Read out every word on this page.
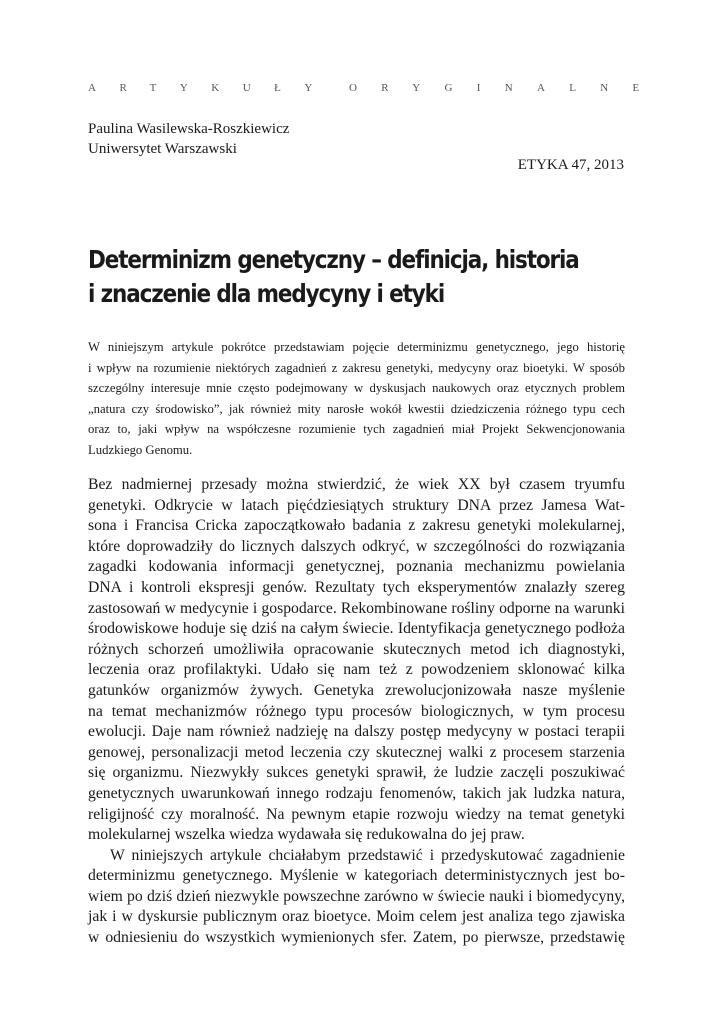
ARTYKUŁY ORYGINALNE
Paulina Wasilewska-Roszkiewicz
Uniwersytet Warszawski
ETYKA 47, 2013
Determinizm genetyczny – definicja, historia
i znaczenie dla medycyny i etyki
W niniejszym artykule pokrótce przedstawiam pojęcie determinizmu genetycznego, jego historię
i wpływ na rozumienie niektórych zagadnień z zakresu genetyki, medycyny oraz bioetyki. W sposób
szczególny interesuje mnie często podejmowany w dyskusjach naukowych oraz etycznych problem
„natura czy środowisko”, jak również mity narosłe wokół kwestii dziedziczenia różnego typu cech
oraz to, jaki wpływ na współczesne rozumienie tych zagadnień miał Projekt Sekwencjonowania
Ludzkiego Genomu.
Bez nadmiernej przesady można stwierdzić, że wiek XX był czasem tryumfu
genetyki. Odkrycie w latach pięćdziesiątych struktury DNA przez Jamesa Wat-
sona i Francisa Cricka zapoczątkowało badania z zakresu genetyki molekularnej,
które doprowadziły do licznych dalszych odkryć, w szczególności do rozwiązania
zagadki kodowania informacji genetycznej, poznania mechanizmu powielania
DNA i kontroli ekspresji genów. Rezultaty tych eksperymentów znalazły szereg
zastosowań w medycynie i gospodarce. Rekombinowane rośliny odporne na warunki
środowiskowe hoduje się dziś na całym świecie. Identyfikacja genetycznego podłoża
różnych schorzeń umożliwiła opracowanie skutecznych metod ich diagnostyki,
leczenia oraz profilaktyki. Udało się nam też z powodzeniem sklonować kilka
gatunków organizmów żywych. Genetyka zrewolucjonizowała nasze myślenie
na temat mechanizmów różnego typu procesów biologicznych, w tym procesu
ewolucji. Daje nam również nadzieję na dalszy postęp medycyny w postaci terapii
genowej, personalizacji metod leczenia czy skutecznej walki z procesem starzenia
się organizmu. Niezwykły sukces genetyki sprawił, że ludzie zaczęli poszukiwać
genetycznych uwarunkowań innego rodzaju fenomenów, takich jak ludzka natura,
religijność czy moralność. Na pewnym etapie rozwoju wiedzy na temat genetyki
molekularnej wszelka wiedza wydawała się redukowalna do jej praw.
W niniejszych artykule chciałabym przedstawić i przedyskutować zagadnienie
determinizmu genetycznego. Myślenie w kategoriach deterministycznych jest bo-
wiem po dziś dzień niezwykle powszechne zarówno w świecie nauki i biomedycyny,
jak i w dyskursie publicznym oraz bioetyce. Moim celem jest analiza tego zjawiska
w odniesieniu do wszystkich wymienionych sfer. Zatem, po pierwsze, przedstawię
